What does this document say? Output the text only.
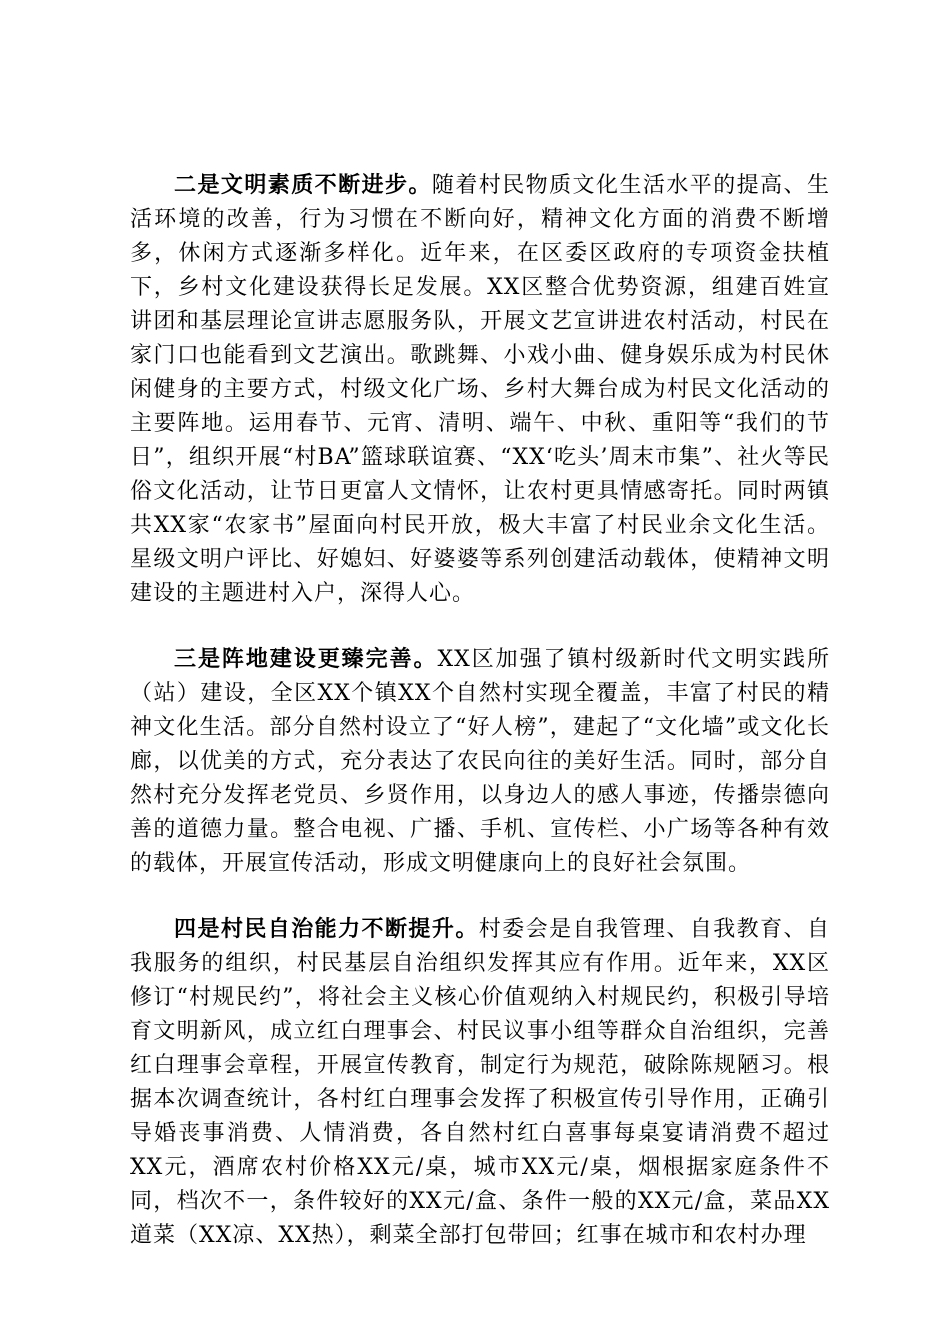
二是文明素质不断进步。随着村民物质文化生活水平的提高、生活环境的改善，行为习惯在不断向好，精神文化方面的消费不断增多，休闲方式逐渐多样化。近年来，在区委区政府的专项资金扶植下，乡村文化建设获得长足发展。XX区整合优势资源，组建百姓宣讲团和基层理论宣讲志愿服务队，开展文艺宣讲进农村活动，村民在家门口也能看到文艺演出。歌跳舞、小戏小曲、健身娱乐成为村民休闲健身的主要方式，村级文化广场、乡村大舞台成为村民文化活动的主要阵地。运用春节、元宵、清明、端午、中秋、重阳等“我们的节日”，组织开展“村BA”篮球联谊赛、“XX‘吃头’周末市集”、社火等民俗文化活动，让节日更富人文情怀，让农村更具情感寄托。同时两镇共XX家“农家书”屋面向村民开放，极大丰富了村民业余文化生活。星级文明户评比、好媳妇、好婆婆等系列创建活动载体，使精神文明建设的主题进村入户，深得人心。

三是阵地建设更臻完善。XX区加强了镇村级新时代文明实践所（站）建设，全区XX个镇XX个自然村实现全覆盖，丰富了村民的精神文化生活。部分自然村设立了“好人榜”，建起了“文化墙”或文化长廊，以优美的方式，充分表达了农民向往的美好生活。同时，部分自然村充分发挥老党员、乡贤作用，以身边人的感人事迹，传播崇德向善的道德力量。整合电视、广播、手机、宣传栏、小广场等各种有效的载体，开展宣传活动，形成文明健康向上的良好社会氛围。

四是村民自治能力不断提升。村委会是自我管理、自我教育、自我服务的组织，村民基层自治组织发挥其应有作用。近年来，XX区修订“村规民约”，将社会主义核心价值观纳入村规民约，积极引导培育文明新风，成立红白理事会、村民议事小组等群众自治组织，完善红白理事会章程，开展宣传教育，制定行为规范，破除陈规陋习。根据本次调查统计，各村红白理事会发挥了积极宣传引导作用，正确引导婚丧事消费、人情消费，各自然村红白喜事每桌宴请消费不超过XX元，酒席农村价格XX元/桌，城市XX元/桌，烟根据家庭条件不同，档次不一，条件较好的XX元/盒、条件一般的XX元/盒，菜品XX道菜（XX凉、XX热），剩菜全部打包带回；红事在城市和农村办理
